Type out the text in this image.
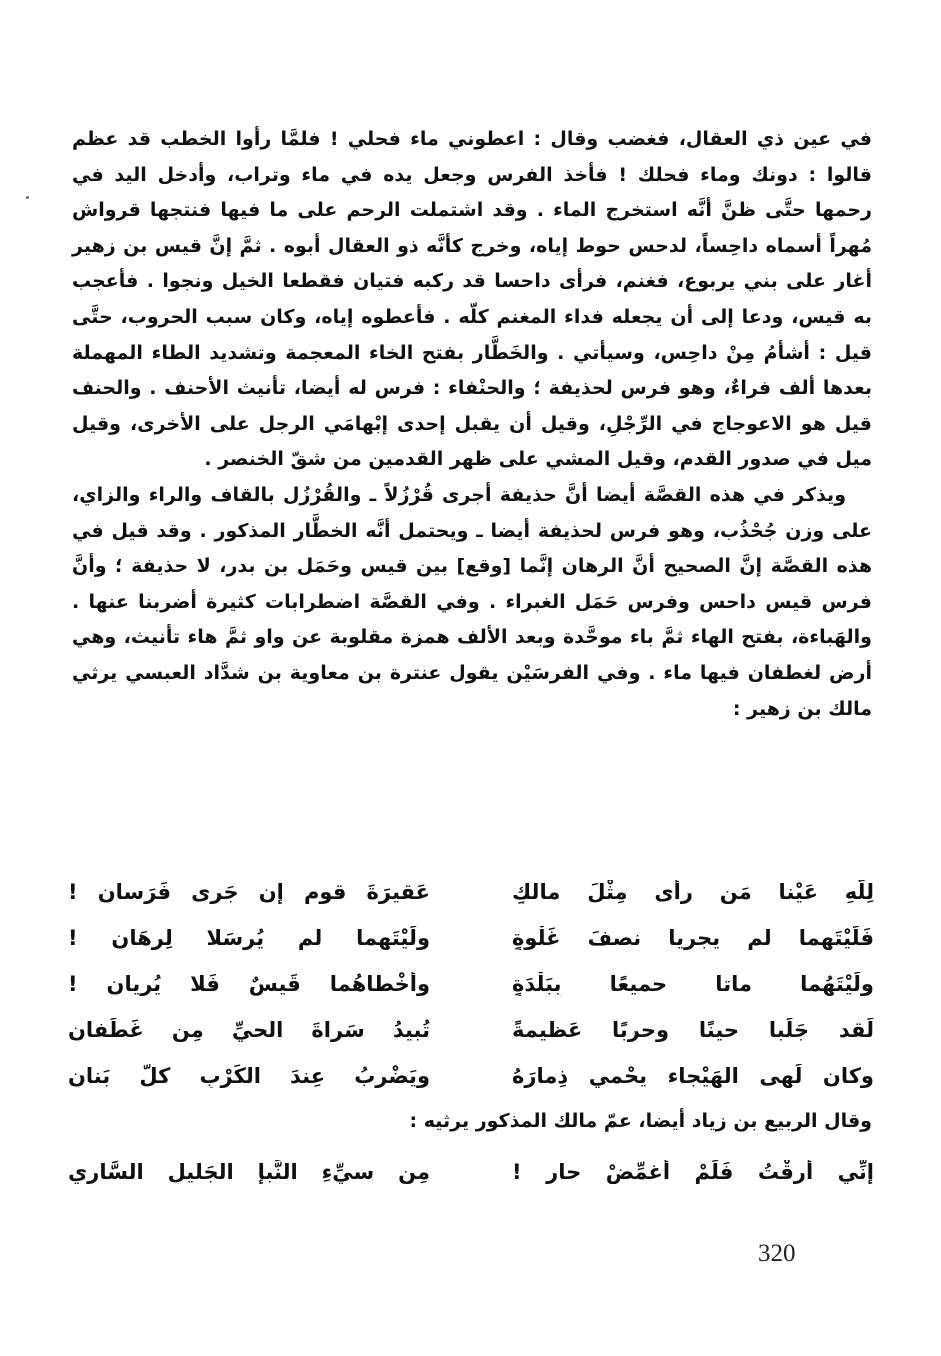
في عين ذي العقال، فغضب وقال : اعطوني ماء فحلي ! فلمَّا رأوا الخطب قد عظم قالوا : دونك وماء فحلك ! فأخذ الفرس وجعل يده في ماء وتراب، وأدخل اليد في رحمها حتَّى ظنَّ أنَّه استخرج الماء . وقد اشتملت الرحم على ما فيها فنتجها قرواش مُهراً أسماه داحِساً، لدحس حوط إياه، وخرج كأنَّه ذو العقال أبوه . ثمَّ إنَّ قيس بن زهير أغار على بني يربوع، فغنم، فرأى داحسا قد ركبه فتيان فقطعا الخيل ونجوا . فأعجب به قيس، ودعا إلى أن يجعله فداء المغنم كلّه . فأعطوه إياه، وكان سبب الحروب، حتَّى قيل : أشأمُ مِنْ داحِس، وسيأتي . والخَطَّار بفتح الخاء المعجمة وتشديد الطاء المهملة بعدها ألف فراءٌ، وهو فرس لحذيفة ؛ والحنْفاء : فرس له أيضا، تأنيث الأحنف . والحنف قيل هو الاعوجاج في الرِّجْلِ، وقيل أن يقبل إحدى إبْهامَي الرجل على الأخرى، وقيل ميل في صدور القدم، وقيل المشي على ظهر القدمين من شقّ الخنصر .

ويذكر في هذه القصَّة أيضا أنَّ حذيفة أجرى قُرْزُلاً ـ والقُرْزُل بالقاف والراء والزاي، على وزن جُحْذُب، وهو فرس لحذيفة أيضا ـ ويحتمل أنَّه الخطَّار المذكور . وقد قيل في هذه القصَّة إنَّ الصحيح أنَّ الرهان إنَّما [وقع] بين قيس وحَمَل بن بدر، لا حذيفة ؛ وأنَّ فرس قيس داحس وفرس حَمَل الغبراء . وفي القصَّة اضطرابات كثيرة أضربنا عنها . والهَباءة، بفتح الهاء ثمَّ باء موحَّدة وبعد الألف همزة مقلوبة عن واو ثمَّ هاء تأنيث، وهي أرض لغطفان فيها ماء . وفي الفرسَيْن يقول عنترة بن معاوية بن شدَّاد العبسي يرثي مالك بن زهير :

لِلَّهِ عَيْنا مَن رأى مِثْلَ مالكٍ
عَقيرَةَ قومٍ إن جَرى فَرَسانِ !
فَلَيْتَهما لم يجريا نصفَ غَلْوةٍ
ولَيْتَهما لم يُرسَلا لِرِهَانِ !
ولَيْتَهُما ماتا حميعًا بِبَلْدَةٍ
وأخْطاهُما قَيسٌ فَلا يُرِيانِ !
لَقد جَلَبا حينًا وحربًا عَظيمةً
تُبيدُ سَراةَ الحيِّ مِن غَطَفانِ
وكان لَهى الهَيْجاء يحْمي ذِمارَهُ
ويَضْرِبُ عِندَ الكَرْبِ كلَّ بَنانِ
وقال الربيع بن زياد أيضا، عمّ مالك المذكور يرثيه :
إنِّي أرقْتُ فَلَمْ أُغمِّضْ حارِ !
مِن سيِّءِ النَّبإِ الجَليلِ السَّاري
320
